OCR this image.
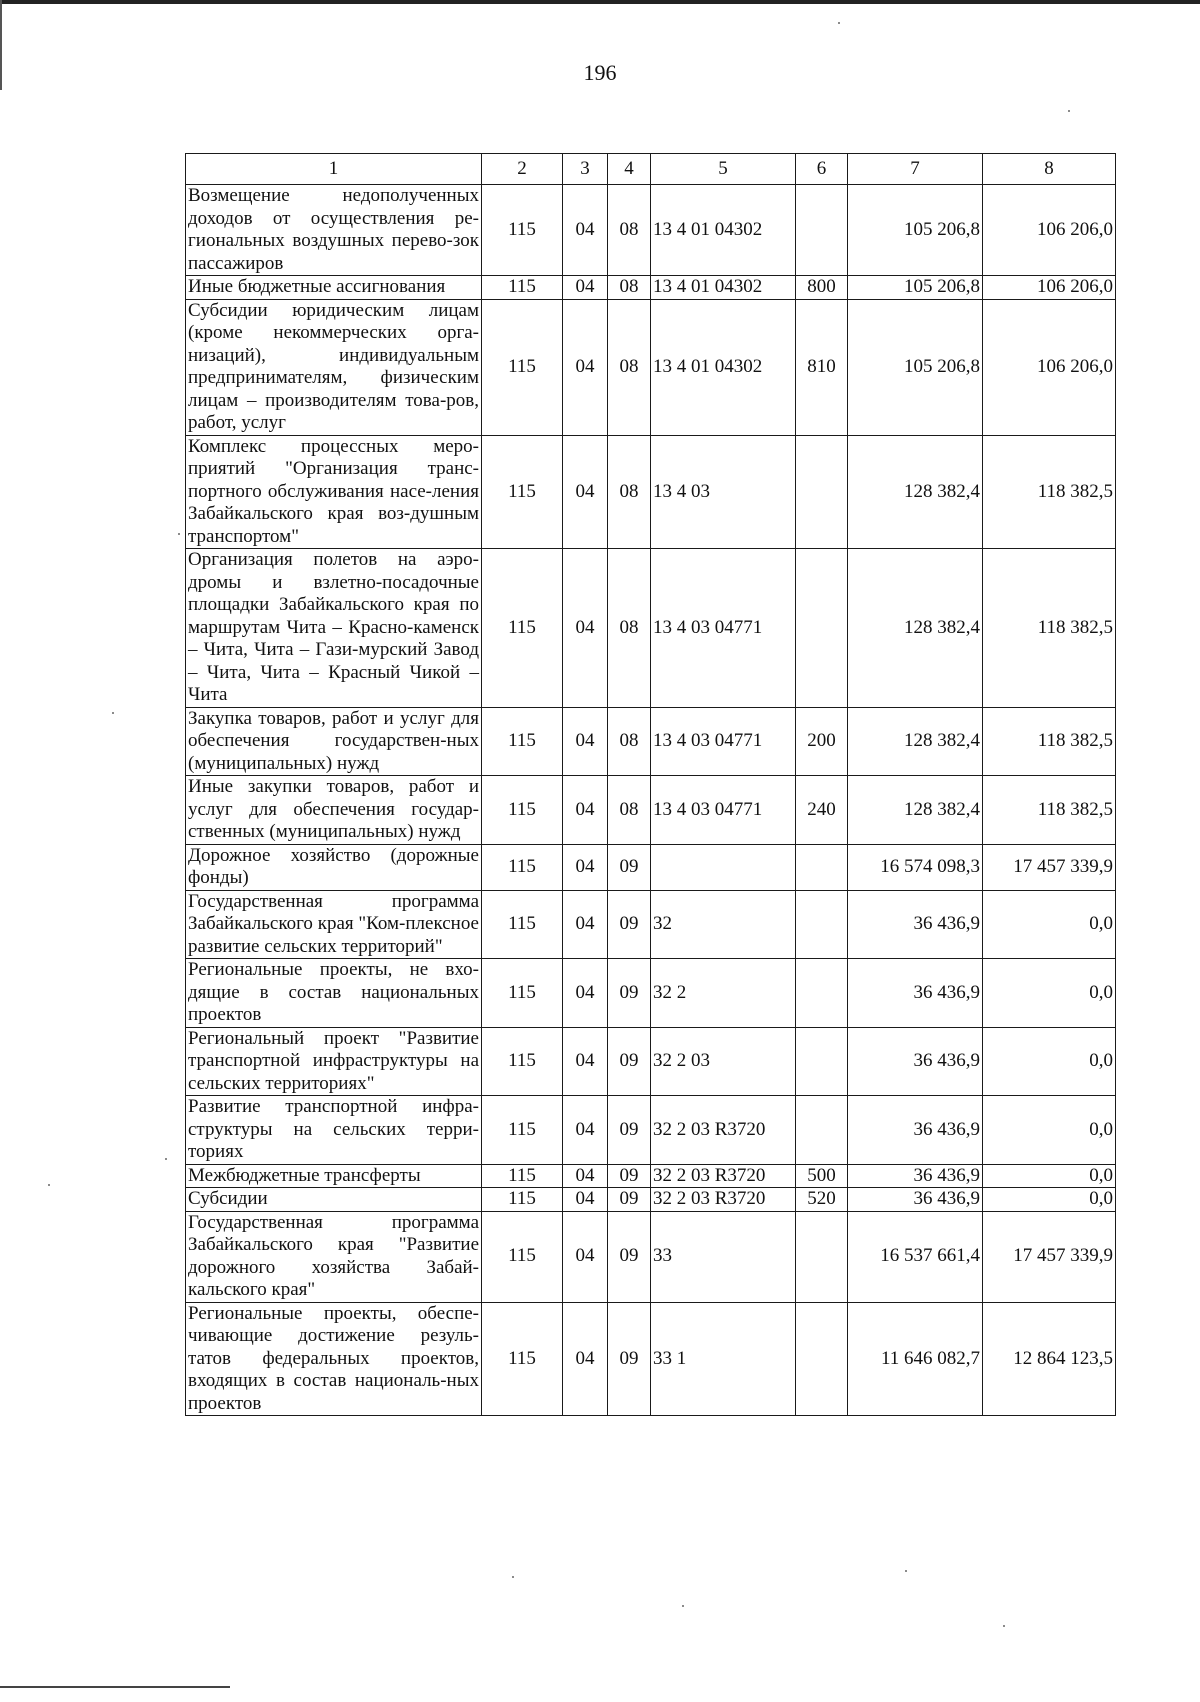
196
1	2	3	4	5	6	7	8
Возмещение недополученных доходов от осуществления ре-гиональных воздушных перево-зок пассажиров	115	04	08	13 4 01 04302		105 206,8	106 206,0
Иные бюджетные ассигнования	115	04	08	13 4 01 04302	800	105 206,8	106 206,0
Субсидии юридическим лицам (кроме некоммерческих орга-низаций), индивидуальным предпринимателям, физическим лицам – производителям това-ров, работ, услуг	115	04	08	13 4 01 04302	810	105 206,8	106 206,0
Комплекс процессных меро-приятий "Организация транс-портного обслуживания насе-ления Забайкальского края воз-душным транспортом"	115	04	08	13 4 03		128 382,4	118 382,5
Организация полетов на аэро-дромы и взлетно-посадочные площадки Забайкальского края по маршрутам Чита – Красно-каменск – Чита, Чита – Гази-мурский Завод – Чита, Чита – Красный Чикой – Чита	115	04	08	13 4 03 04771		128 382,4	118 382,5
Закупка товаров, работ и услуг для обеспечения государствен-ных (муниципальных) нужд	115	04	08	13 4 03 04771	200	128 382,4	118 382,5
Иные закупки товаров, работ и услуг для обеспечения государ-ственных (муниципальных) нужд	115	04	08	13 4 03 04771	240	128 382,4	118 382,5
Дорожное хозяйство (дорожные фонды)	115	04	09			16 574 098,3	17 457 339,9
Государственная программа Забайкальского края "Ком-плексное развитие сельских территорий"	115	04	09	32		36 436,9	0,0
Региональные проекты, не вхо-дящие в состав национальных проектов	115	04	09	32 2		36 436,9	0,0
Региональный проект "Развитие транспортной инфраструктуры на сельских территориях"	115	04	09	32 2 03		36 436,9	0,0
Развитие транспортной инфра-структуры на сельских терри-ториях	115	04	09	32 2 03 R3720		36 436,9	0,0
Межбюджетные трансферты	115	04	09	32 2 03 R3720	500	36 436,9	0,0
Субсидии	115	04	09	32 2 03 R3720	520	36 436,9	0,0
Государственная программа Забайкальского края "Развитие дорожного хозяйства Забай-кальского края"	115	04	09	33		16 537 661,4	17 457 339,9
Региональные проекты, обеспе-чивающие достижение резуль-татов федеральных проектов, входящих в состав националь-ных проектов	115	04	09	33 1		11 646 082,7	12 864 123,5
